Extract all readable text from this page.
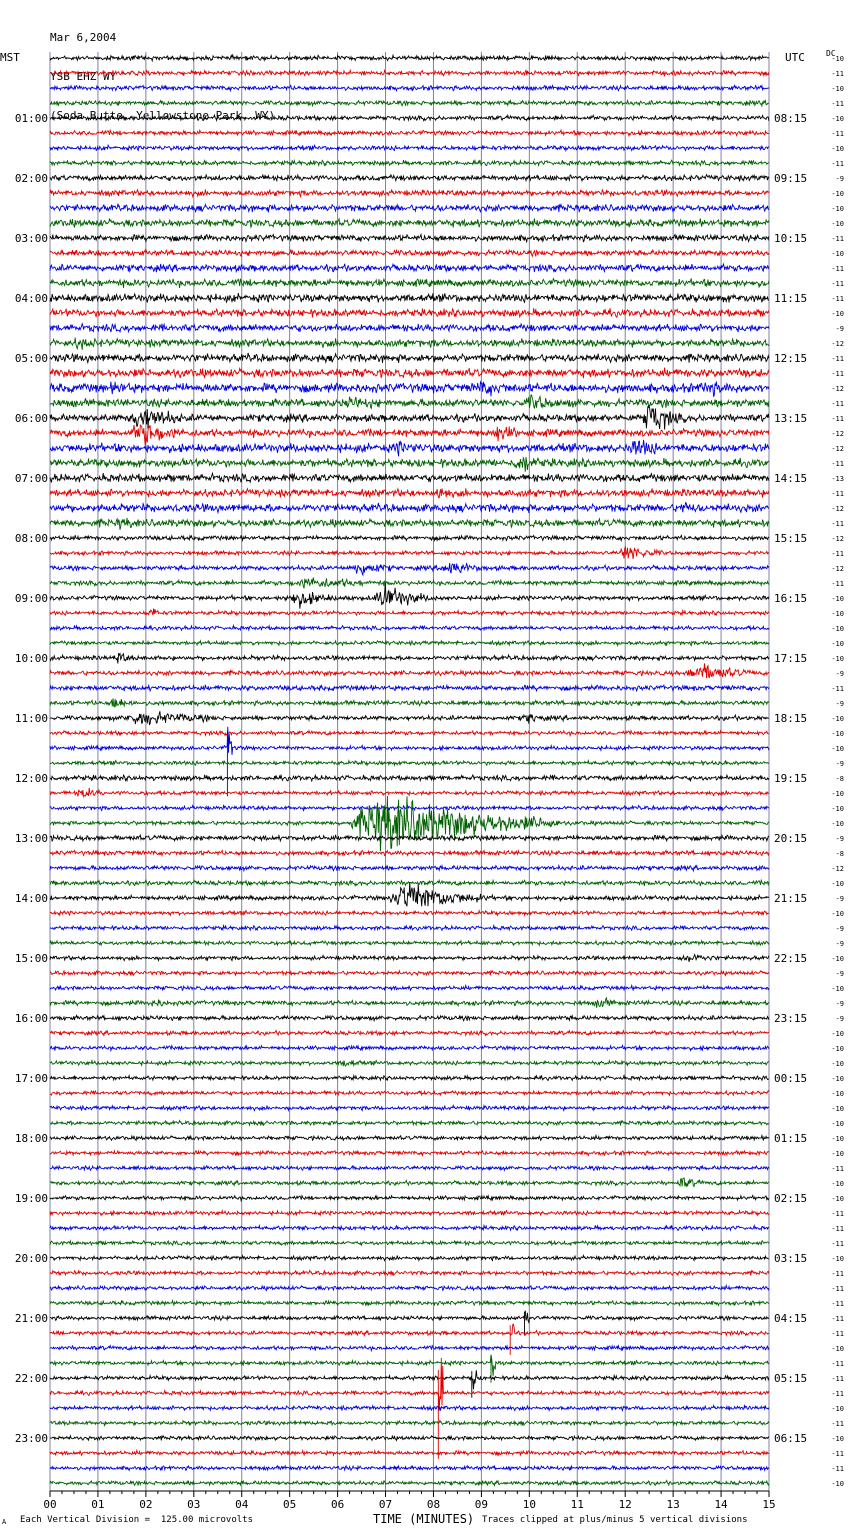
Mar 6,2004

YSB EHZ WY

(Soda Butte, Yellowstone Park, WY)

-10
-11
-10
-11
-10
-11
-10
-11
-9
-10
-10
-10
-11
-10
-11
-11
-11
-10
-9
-12
-11
-11
-12
-11
-11
-12
-12
-11
-13
-11
-12
-11
-12
-11
-12
-11
-10
-10
-10
-10
-10
-9
-11
-9
-10
-10
-10
-9
-8
-10
-10
-10
-9
-8
-12
-10
-9
-10
-9
-9
-10
-9
-10
-9
-9
-10
-10
-10
-10
-10
-10
-10
-10
-10
-11
-10
-10
-11
-11
-11
-10
-11
-11
-11
-11
-11
-10
-11
-11
-11
-10
-11
-10
-11
-11
-10
01:00	08:15
02:00	09:15
03:00	10:15
04:00	11:15
05:00	12:15
06:00	13:15
07:00	14:15
08:00	15:15
09:00	16:15
10:00	17:15
11:00	18:15
12:00	19:15
13:00	20:15
14:00	21:15
15:00	22:15
16:00	23:15
17:00	00:15
18:00	01:15
19:00	02:15
20:00	03:15
21:00	04:15
22:00	05:15
23:00	06:15
00	01	02	03	04	05	06	07	08	09	10	11	12	13	14	15
MST	UTC	DC
A Each Vertical Division =  125.00 microvolts	TIME (MINUTES) Traces clipped at plus/minus 5 vertical divisions
